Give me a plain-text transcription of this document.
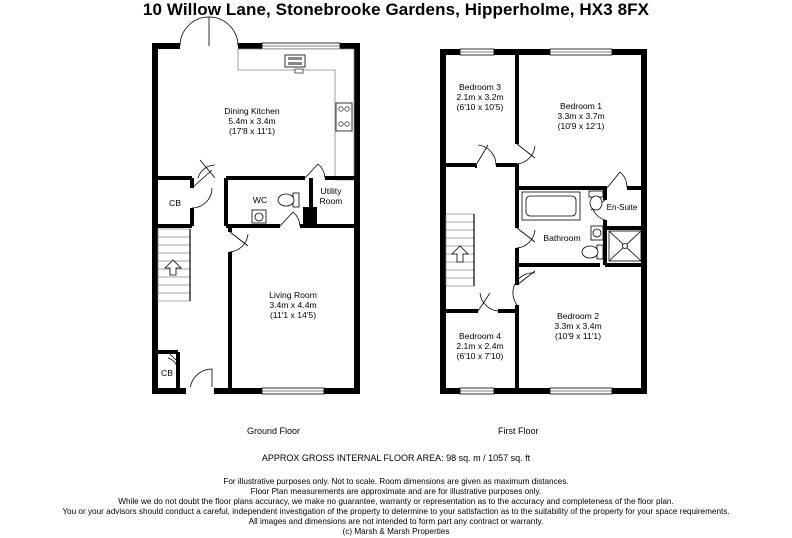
10 Willow Lane, Stonebrooke Gardens, Hipperholme, HX3 8FX
Dining Kitchen
5.4m x 3.4m
(17'8 x 11'1)
WC
Utility
Room
CB
CB
Living Room
3.4m x 4.4m
(11'1 x 14'5)
Bedroom 3
2.1m x 3.2m
(6'10 x 10'5)	Bedroom 1
3.3m x 3.7m
(10'9 x 12'1)
En-Suite
Bathroom
Bedroom 4
2.1m x 2.4m
(6'10 x 7'10)
Bedroom 2
3.3m x 3.4m
(10'9 x 11'1)
Ground Floor	First Floor
APPROX GROSS INTERNAL FLOOR AREA: 98 sq. m / 1057 sq. ft
For illustrative purposes only. Not to scale. Room dimensions are given as maximum distances.
Floor Plan measurements are approximate and are for illustrative purposes only.
While we do not doubt the floor plans accuracy, we make no guarantee, warranty or representation as to the accuracy and completeness of the floor plan.
You or your advisors should conduct a careful, independent investigation of the property to determine to your satisfaction as to the suitability of the property for your space requirements.
All images and dimensions are not intended to form part any contract or warranty.
(c) Marsh & Marsh Properties
